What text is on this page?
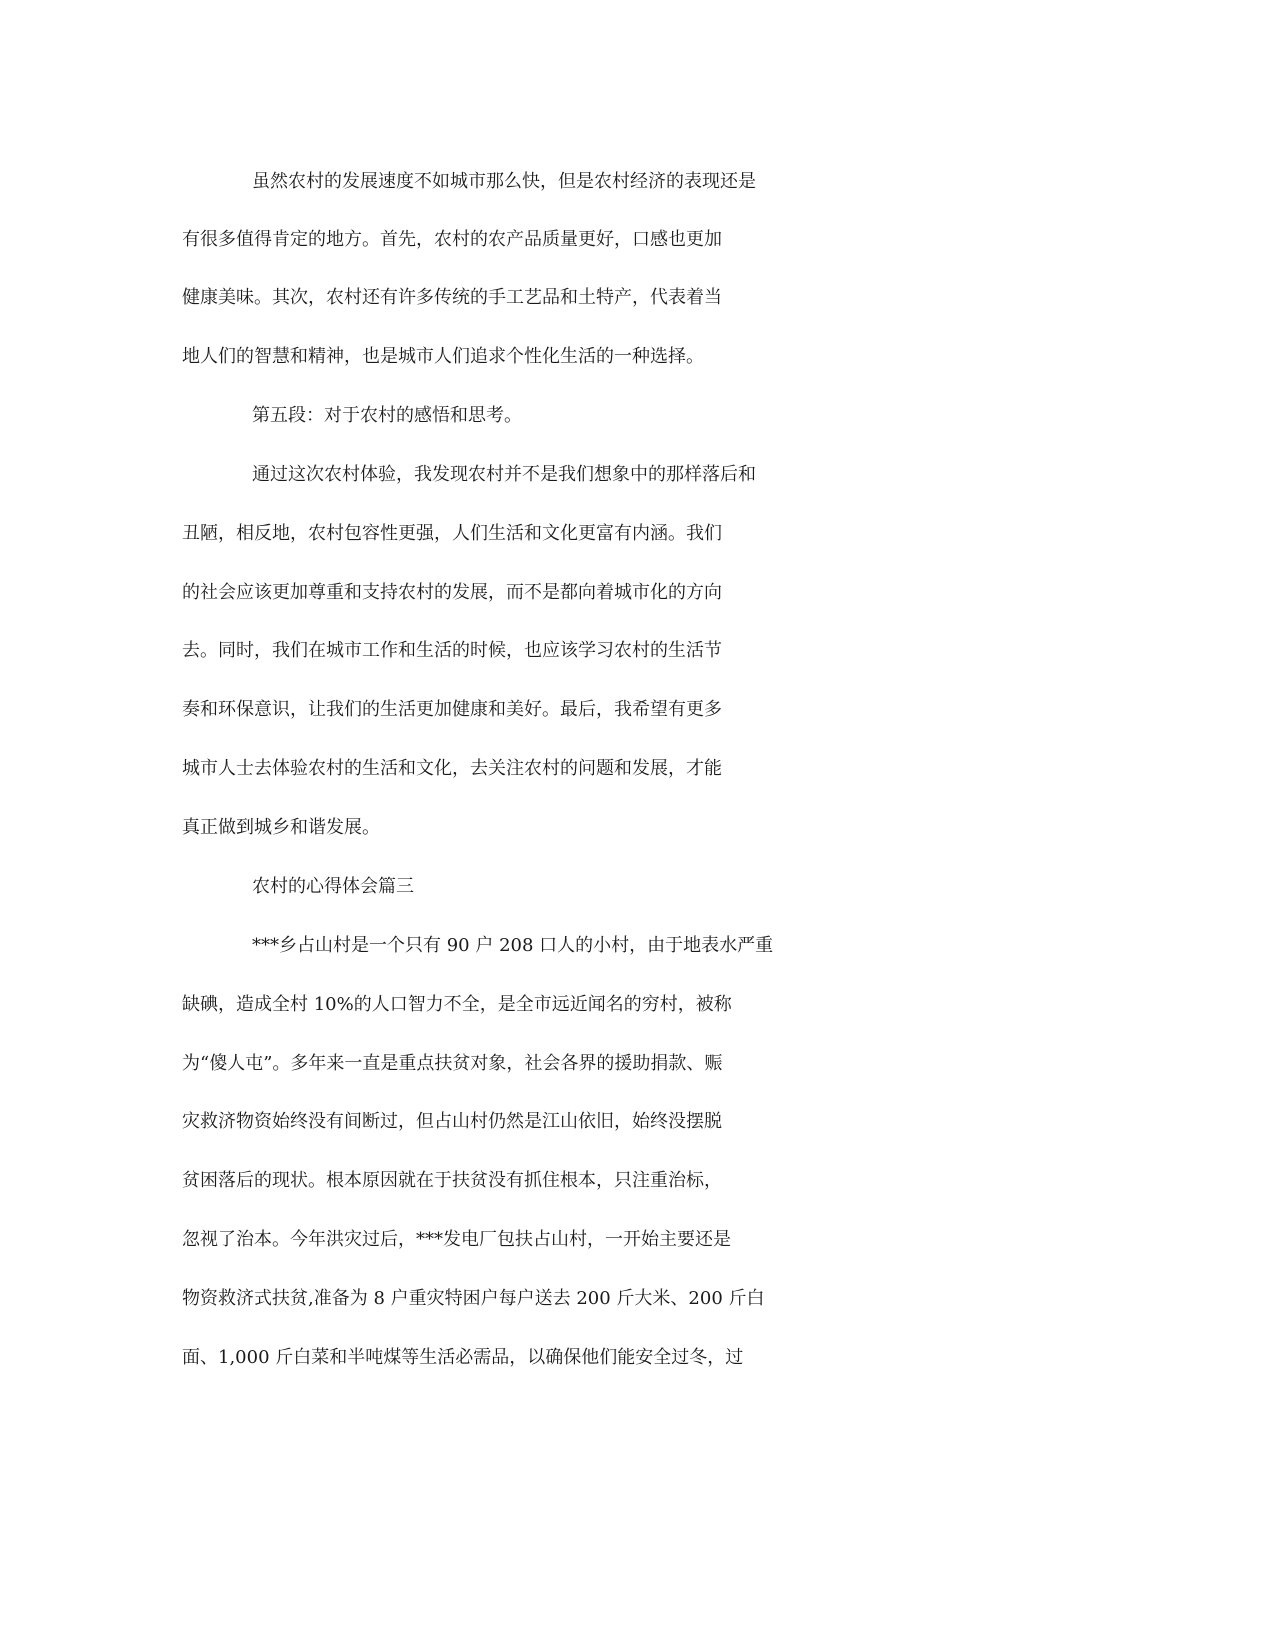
虽然农村的发展速度不如城市那么快，但是农村经济的表现还是
有很多值得肯定的地方。首先，农村的农产品质量更好，口感也更加
健康美味。其次，农村还有许多传统的手工艺品和土特产，代表着当
地人们的智慧和精神，也是城市人们追求个性化生活的一种选择。
第五段：对于农村的感悟和思考。
通过这次农村体验，我发现农村并不是我们想象中的那样落后和
丑陋，相反地，农村包容性更强，人们生活和文化更富有内涵。我们
的社会应该更加尊重和支持农村的发展，而不是都向着城市化的方向
去。同时，我们在城市工作和生活的时候，也应该学习农村的生活节
奏和环保意识，让我们的生活更加健康和美好。最后，我希望有更多
城市人士去体验农村的生活和文化，去关注农村的问题和发展，才能
真正做到城乡和谐发展。
农村的心得体会篇三
***乡占山村是一个只有 90 户 208 口人的小村，由于地表水严重
缺碘，造成全村 10%的人口智力不全，是全市远近闻名的穷村，被称
为“傻人屯”。多年来一直是重点扶贫对象，社会各界的援助捐款、赈
灾救济物资始终没有间断过，但占山村仍然是江山依旧，始终没摆脱
贫困落后的现状。根本原因就在于扶贫没有抓住根本，只注重治标，
忽视了治本。今年洪灾过后，***发电厂包扶占山村，一开始主要还是
物资救济式扶贫,准备为 8 户重灾特困户每户送去 200 斤大米、200 斤白
面、1,000 斤白菜和半吨煤等生活必需品，以确保他们能安全过冬，过
